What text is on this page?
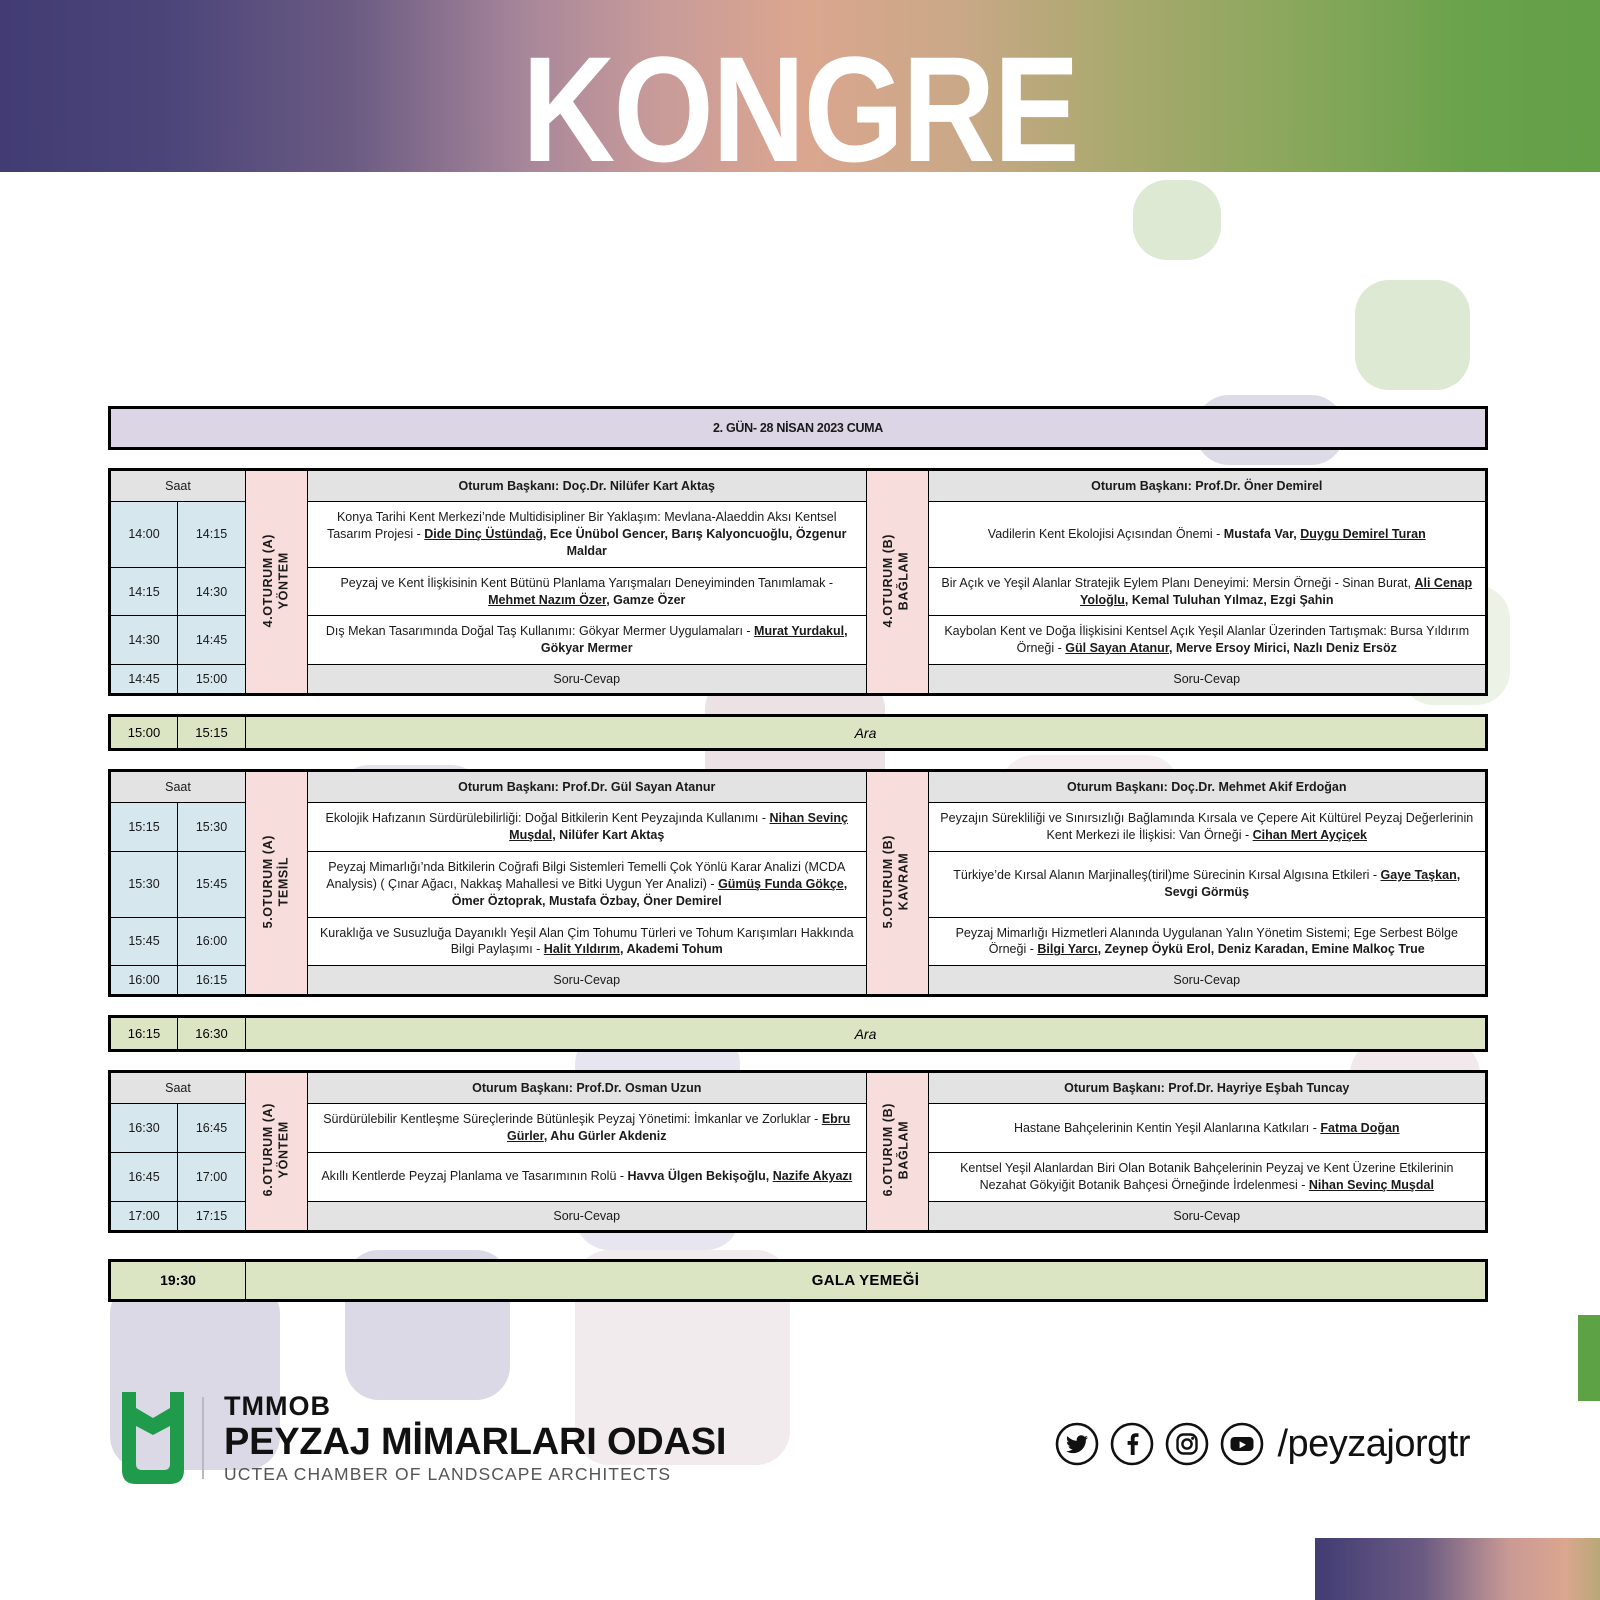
KONGRE
2. GÜN- 28 NİSAN 2023 CUMA
Saat		4.OTURUM (A) YÖNTEM	Oturum Başkanı: Doç.Dr. Nilüfer Kart Aktaş	4.OTURUM (B) BAĞLAM	Oturum Başkanı: Prof.Dr. Öner Demirel
14:00	14:15		Konya Tarihi Kent Merkezi’nde Multidisipliner Bir Yaklaşım: Mevlana-Alaeddin Aksı Kentsel Tasarım Projesi - Dide Dinç Üstündağ, Ece Ünübol Gencer, Barış Kalyoncuoğlu, Özgenur Maldar		Vadilerin Kent Ekolojisi Açısından Önemi - Mustafa Var, Duygu Demirel Turan
14:15	14:30		Peyzaj ve Kent İlişkisinin Kent Bütünü Planlama Yarışmaları Deneyiminden Tanımlamak - Mehmet Nazım Özer, Gamze Özer		Bir Açık ve Yeşil Alanlar Stratejik Eylem Planı Deneyimi: Mersin Örneği - Sinan Burat, Ali Cenap Yoloğlu, Kemal Tuluhan Yılmaz, Ezgi Şahin
14:30	14:45		Dış Mekan Tasarımında Doğal Taş Kullanımı: Gökyar Mermer Uygulamaları - Murat Yurdakul, Gökyar Mermer		Kaybolan Kent ve Doğa İlişkisini Kentsel Açık Yeşil Alanlar Üzerinden Tartışmak: Bursa Yıldırım Örneği - Gül Sayan Atanur, Merve Ersoy Mirici, Nazlı Deniz Ersöz
14:45	15:00		Soru-Cevap		Soru-Cevap
15:00	15:15	Ara
Saat		5.OTURUM (A) TEMSİL	Oturum Başkanı: Prof.Dr. Gül Sayan Atanur	5.OTURUM (B) KAVRAM	Oturum Başkanı: Doç.Dr. Mehmet Akif Erdoğan
15:15	15:30		Ekolojik Hafızanın Sürdürülebilirliği: Doğal Bitkilerin Kent Peyzajında Kullanımı - Nihan Sevinç Muşdal, Nilüfer Kart Aktaş		Peyzajın Sürekliliği ve Sınırsızlığı Bağlamında Kırsala ve Çepere Ait Kültürel Peyzaj Değerlerinin Kent Merkezi ile İlişkisi: Van Örneği - Cihan Mert Ayçiçek
15:30	15:45		Peyzaj Mimarlığı’nda Bitkilerin Coğrafi Bilgi Sistemleri Temelli Çok Yönlü Karar Analizi (MCDA Analysis) ( Çınar Ağacı, Nakkaş Mahallesi ve Bitki Uygun Yer Analizi) - Gümüş Funda Gökçe, Ömer Öztoprak, Mustafa Özbay, Öner Demirel		Türkiye’de Kırsal Alanın Marjinalleş(tiril)me Sürecinin Kırsal Algısına Etkileri - Gaye Taşkan, Sevgi Görmüş
15:45	16:00		Kuraklığa ve Susuzluğa Dayanıklı Yeşil Alan Çim Tohumu Türleri ve Tohum Karışımları Hakkında Bilgi Paylaşımı - Halit Yıldırım, Akademi Tohum		Peyzaj Mimarlığı Hizmetleri Alanında Uygulanan Yalın Yönetim Sistemi; Ege Serbest Bölge Örneği - Bilgi Yarcı, Zeynep Öykü Erol, Deniz Karadan, Emine Malkoç True
16:00	16:15		Soru-Cevap		Soru-Cevap
16:15	16:30	Ara
Saat		6.OTURUM (A) YÖNTEM	Oturum Başkanı: Prof.Dr. Osman Uzun	6.OTURUM (B) BAĞLAM	Oturum Başkanı: Prof.Dr. Hayriye Eşbah Tuncay
16:30	16:45		Sürdürülebilir Kentleşme Süreçlerinde Bütünleşik Peyzaj Yönetimi: İmkanlar ve Zorluklar - Ebru Gürler, Ahu Gürler Akdeniz		Hastane Bahçelerinin Kentin Yeşil Alanlarına Katkıları - Fatma Doğan
16:45	17:00		Akıllı Kentlerde Peyzaj Planlama ve Tasarımının Rolü - Havva Ülgen Bekişoğlu, Nazife Akyazı		Kentsel Yeşil Alanlardan Biri Olan Botanik Bahçelerinin Peyzaj ve Kent Üzerine Etkilerinin Nezahat Gökyiğit Botanik Bahçesi Örneğinde İrdelenmesi - Nihan Sevinç Muşdal
17:00	17:15		Soru-Cevap		Soru-Cevap
19:30	GALA YEMEĞİ
TMMOB
PEYZAJ MİMARLARI ODASI
UCTEA CHAMBER OF LANDSCAPE ARCHITECTS
/peyzajorgtr
